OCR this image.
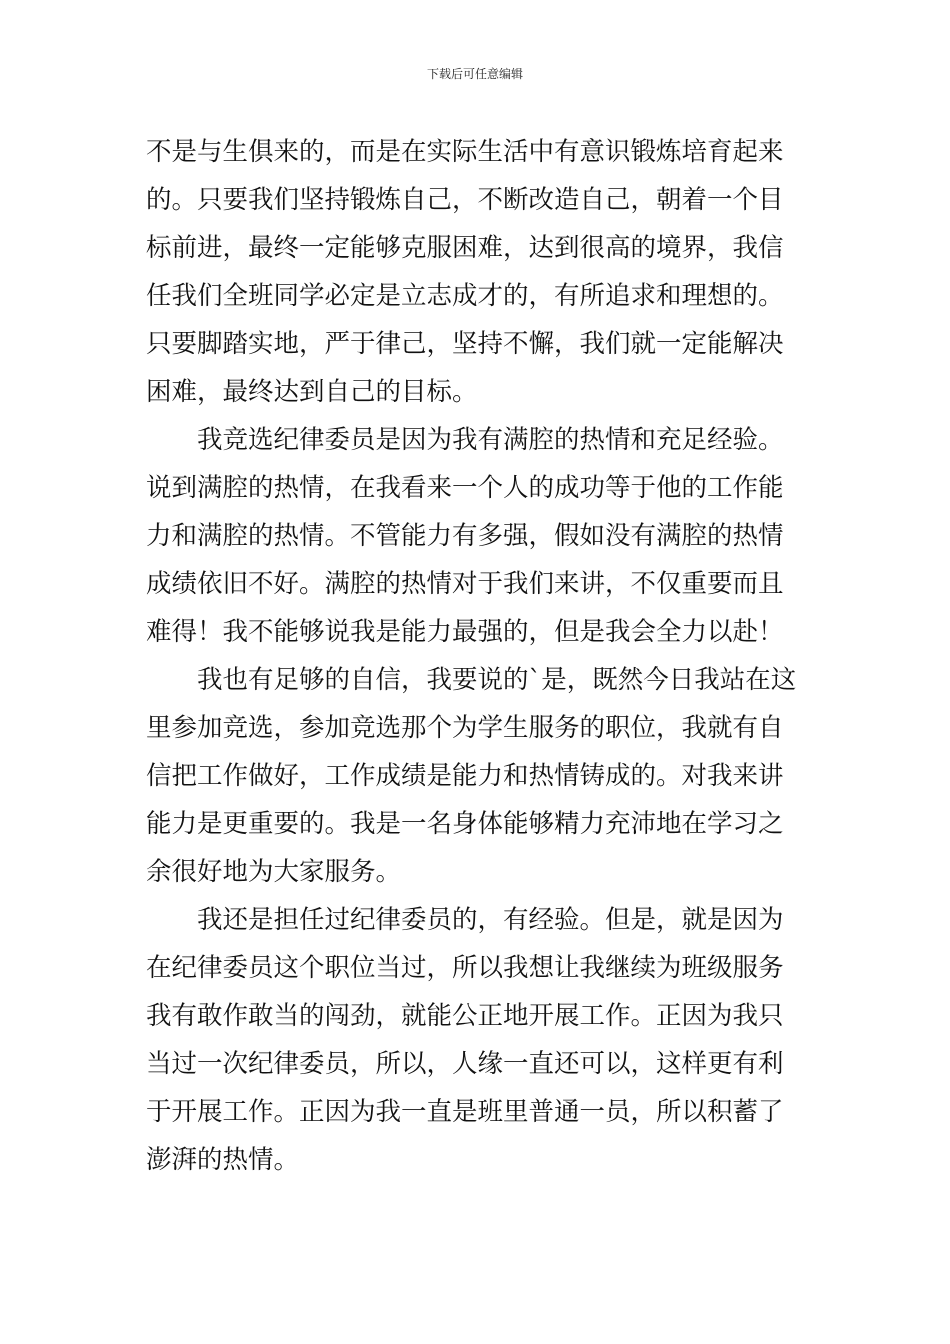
下载后可任意编辑
不是与生俱来的，而是在实际生活中有意识锻炼培育起来
的。只要我们坚持锻炼自己，不断改造自己，朝着一个目
标前进，最终一定能够克服困难，达到很高的境界，我信
任我们全班同学必定是立志成才的，有所追求和理想的。
只要脚踏实地，严于律己，坚持不懈，我们就一定能解决
困难，最终达到自己的目标。
我竞选纪律委员是因为我有满腔的热情和充足经验。
说到满腔的热情，在我看来一个人的成功等于他的工作能
力和满腔的热情。不管能力有多强，假如没有满腔的热情
成绩依旧不好。满腔的热情对于我们来讲，不仅重要而且
难得！我不能够说我是能力最强的，但是我会全力以赴！
我也有足够的自信，我要说的`是，既然今日我站在这
里参加竞选，参加竞选那个为学生服务的职位，我就有自
信把工作做好，工作成绩是能力和热情铸成的。对我来讲
能力是更重要的。我是一名身体能够精力充沛地在学习之
余很好地为大家服务。
我还是担任过纪律委员的，有经验。但是，就是因为
在纪律委员这个职位当过，所以我想让我继续为班级服务
我有敢作敢当的闯劲，就能公正地开展工作。正因为我只
当过一次纪律委员，所以，人缘一直还可以，这样更有利
于开展工作。正因为我一直是班里普通一员，所以积蓄了
澎湃的热情。
